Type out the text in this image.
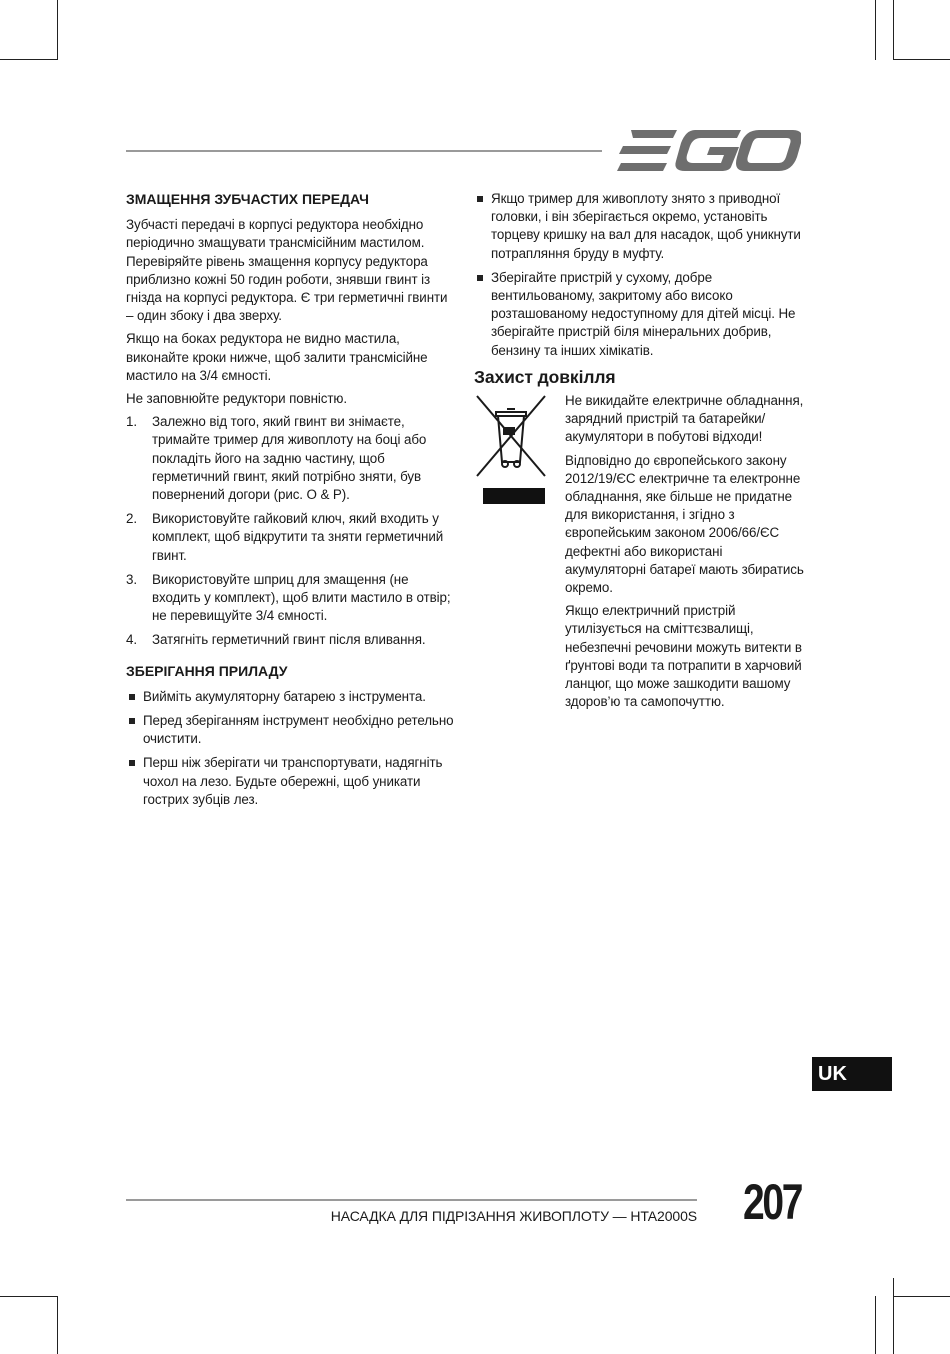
ЗМАЩЕННЯ ЗУБЧАСТИХ ПЕРЕДАЧ

Зубчасті передачі в корпусі редуктора необхідно періодично змащувати трансмісійним мастилом. Перевіряйте рівень змащення корпусу редуктора приблизно кожні 50 годин роботи, знявши гвинт із гнізда на корпусі редуктора. Є три герметичні гвинти – один збоку і два зверху.

Якщо на боках редуктора не видно мастила, виконайте кроки нижче, щоб залити трансмісійне мастило на 3/4 ємності.

Не заповнюйте редуктори повністю.

1. Залежно від того, який гвинт ви знімаєте, тримайте тример для живоплоту на боці або покладіть його на задню частину, щоб герметичний гвинт, який потрібно зняти, був повернений догори (рис. O & P).
2. Використовуйте гайковий ключ, який входить у комплект, щоб відкрутити та зняти герметичний гвинт.
3. Використовуйте шприц для змащення (не входить у комплект), щоб влити мастило в отвір; не перевищуйте 3/4 ємності.
4. Затягніть герметичний гвинт після вливання.
ЗБЕРІГАННЯ ПРИЛАДУ
Вийміть акумуляторну батарею з інструмента.
Перед зберіганням інструмент необхідно ретельно очистити.
Перш ніж зберігати чи транспортувати, надягніть чохол на лезо. Будьте обережні, щоб уникати гострих зубців лез.
Якщо тример для живоплоту знято з приводної головки, і він зберігається окремо, установіть торцеву кришку на вал для насадок, щоб уникнути потрапляння бруду в муфту.
Зберігайте пристрій у сухому, добре вентильованому, закритому або високо розташованому недоступному для дітей місці. Не зберігайте пристрій біля мінеральних добрив, бензину та інших хімікатів.
Захист довкілля

Не викидайте електричне обладнання, зарядний пристрій та батарейки/ акумулятори в побутові відходи!

Відповідно до європейського закону 2012/19/ЄС електричне та електронне обладнання, яке більше не придатне для використання, і згідно з європейським законом 2006/66/ЄС дефектні або використані акумуляторні батареї мають збиратись окремо.

Якщо електричний пристрій утилізується на сміттєзвалищі, небезпечні речовини можуть витекти в ґрунтові води та потрапити в харчовий ланцюг, що може зашкодити вашому здоров’ю та самопочуттю.

UK
НАСАДКА ДЛЯ ПІДРІЗАННЯ ЖИВОПЛОТУ — HTA2000S 207
